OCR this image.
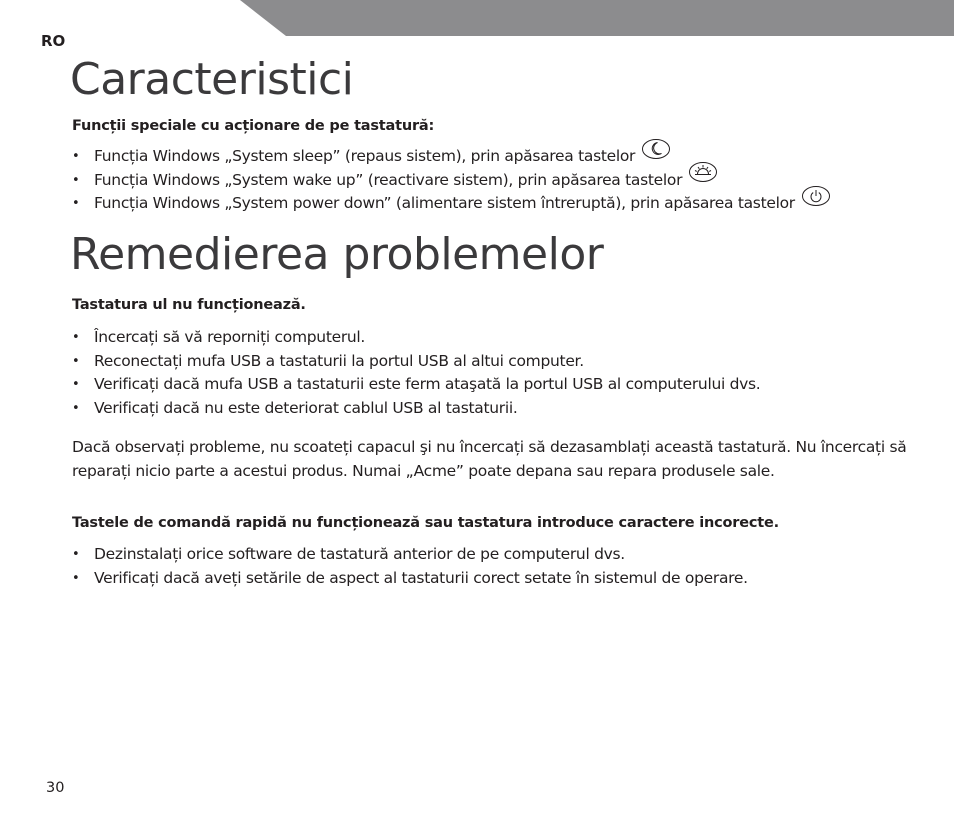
RO
Caracteristici
Funcții speciale cu acționare de pe tastatură:
• Funcția Windows „System sleep” (repaus sistem), prin apăsarea tastelor
• Funcția Windows „System wake up” (reactivare sistem), prin apăsarea tastelor
• Funcția Windows „System power down” (alimentare sistem întreruptă), prin apăsarea tastelor
Remedierea problemelor
Tastatura ul nu funcționează.
• Încercați să vă reporniți computerul.
• Reconectați mufa USB a tastaturii la portul USB al altui computer.
• Verificați dacă mufa USB a tastaturii este ferm ataşată la portul USB al computerului dvs.
• Verificați dacă nu este deteriorat cablul USB al tastaturii.

Dacă observați probleme, nu scoateți capacul şi nu încercați să dezasamblați această tastatură. Nu încercați să reparați nicio parte a acestui produs. Numai „Acme” poate depana sau repara produsele sale.

Tastele de comandă rapidă nu funcționează sau tastatura introduce caractere incorecte.
• Dezinstalați orice software de tastatură anterior de pe computerul dvs.
• Verificați dacă aveți setările de aspect al tastaturii corect setate în sistemul de operare.
30
